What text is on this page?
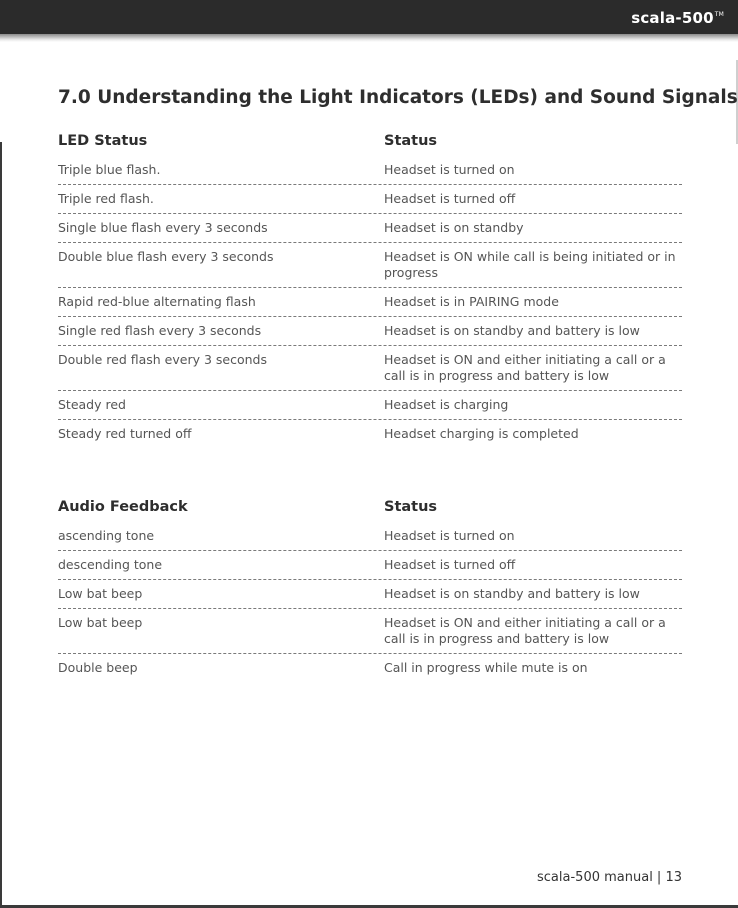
scala-500™
7.0 Understanding the Light Indicators (LEDs) and Sound Signals
LED Status	Status
Triple blue flash.	Headset is turned on
Triple red flash.	Headset is turned off
Single blue flash every 3 seconds	Headset is on standby
Double blue flash every 3 seconds	Headset is ON while call is being initiated or in progress
Rapid red-blue alternating flash	Headset is in PAIRING mode
Single red flash every 3 seconds	Headset is on standby and battery is low
Double red flash every 3 seconds	Headset is ON and either initiating a call or a call is in progress and battery is low
Steady red	Headset is charging
Steady red turned off	Headset charging is completed
Audio Feedback	Status
ascending tone	Headset is turned on
descending tone	Headset is turned off
Low bat beep	Headset is on standby and battery is low
Low bat beep	Headset is ON and either initiating a call or a call is in progress and battery is low
Double beep	Call in progress while mute is on
scala-500 manual | 13
